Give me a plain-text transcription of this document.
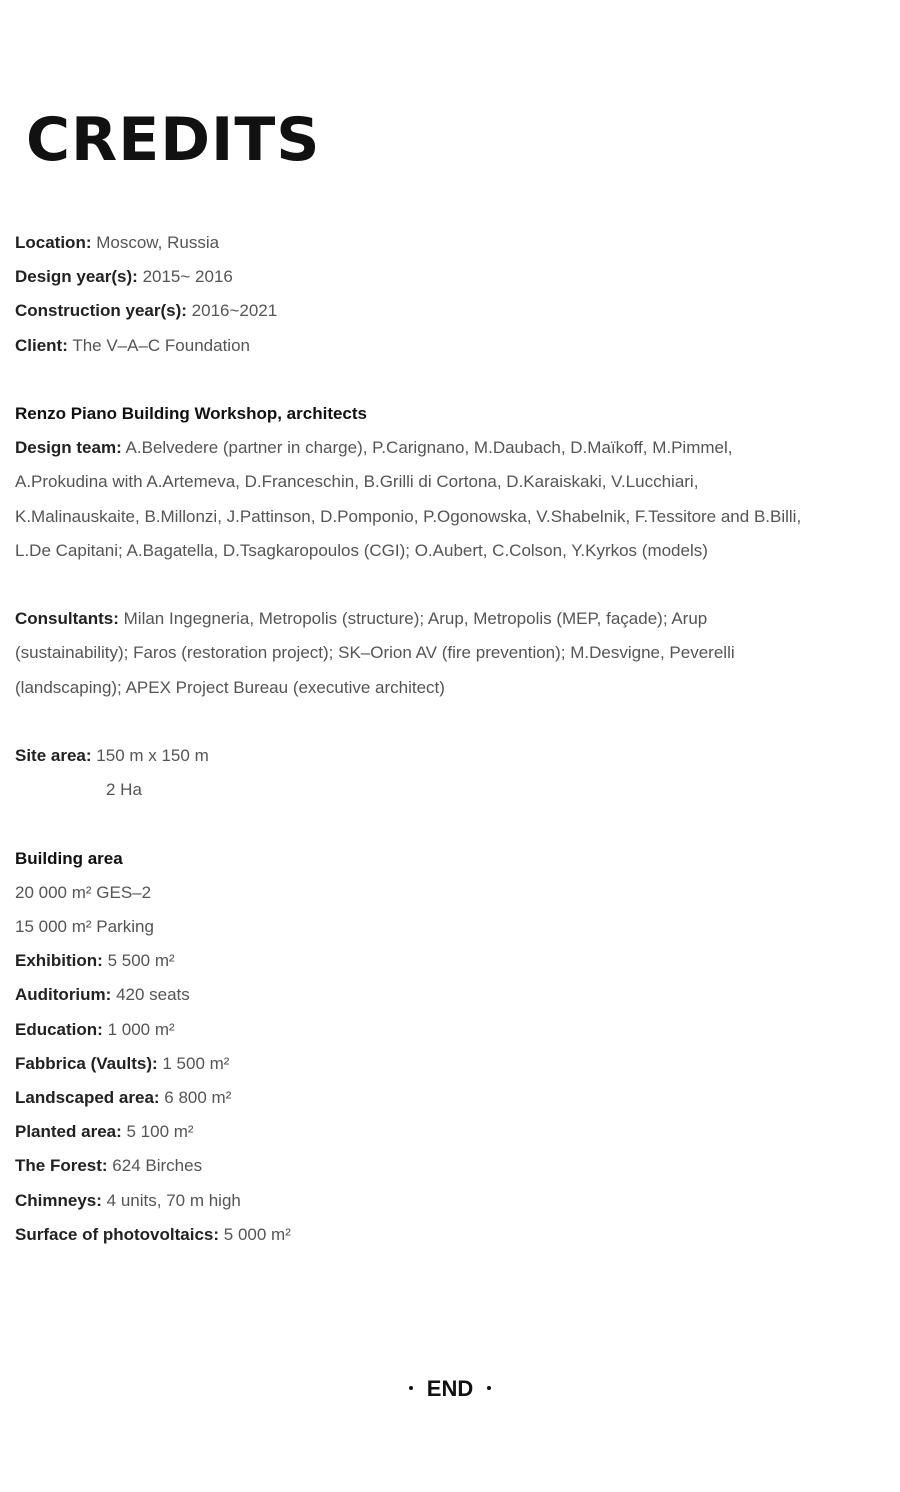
CREDITS
Location: Moscow, Russia
Design year(s): 2015~ 2016
Construction year(s): 2016~2021
Client: The V–A–C Foundation
Renzo Piano Building Workshop, architects
Design team: A.Belvedere (partner in charge), P.Carignano, M.Daubach, D.Maïkoff, M.Pimmel,
A.Prokudina with A.Artemeva, D.Franceschin, B.Grilli di Cortona, D.Karaiskaki, V.Lucchiari,
K.Malinauskaite, B.Millonzi, J.Pattinson, D.Pomponio, P.Ogonowska, V.Shabelnik, F.Tessitore and B.Billi,
L.De Capitani; A.Bagatella, D.Tsagkaropoulos (CGI); O.Aubert, C.Colson, Y.Kyrkos (models)
Consultants: Milan Ingegneria, Metropolis (structure); Arup, Metropolis (MEP, façade); Arup
(sustainability); Faros (restoration project); SK–Orion AV (fire prevention); M.Desvigne, Peverelli
(landscaping); APEX Project Bureau (executive architect)
Site area: 150 m x 150 m
2 Ha
Building area
20 000 m² GES–2
15 000 m² Parking
Exhibition: 5 500 m²
Auditorium: 420 seats
Education: 1 000 m²
Fabbrica (Vaults): 1 500 m²
Landscaped area: 6 800 m²
Planted area: 5 100 m²
The Forest: 624 Birches
Chimneys: 4 units, 70 m high
Surface of photovoltaics: 5 000 m²
END
